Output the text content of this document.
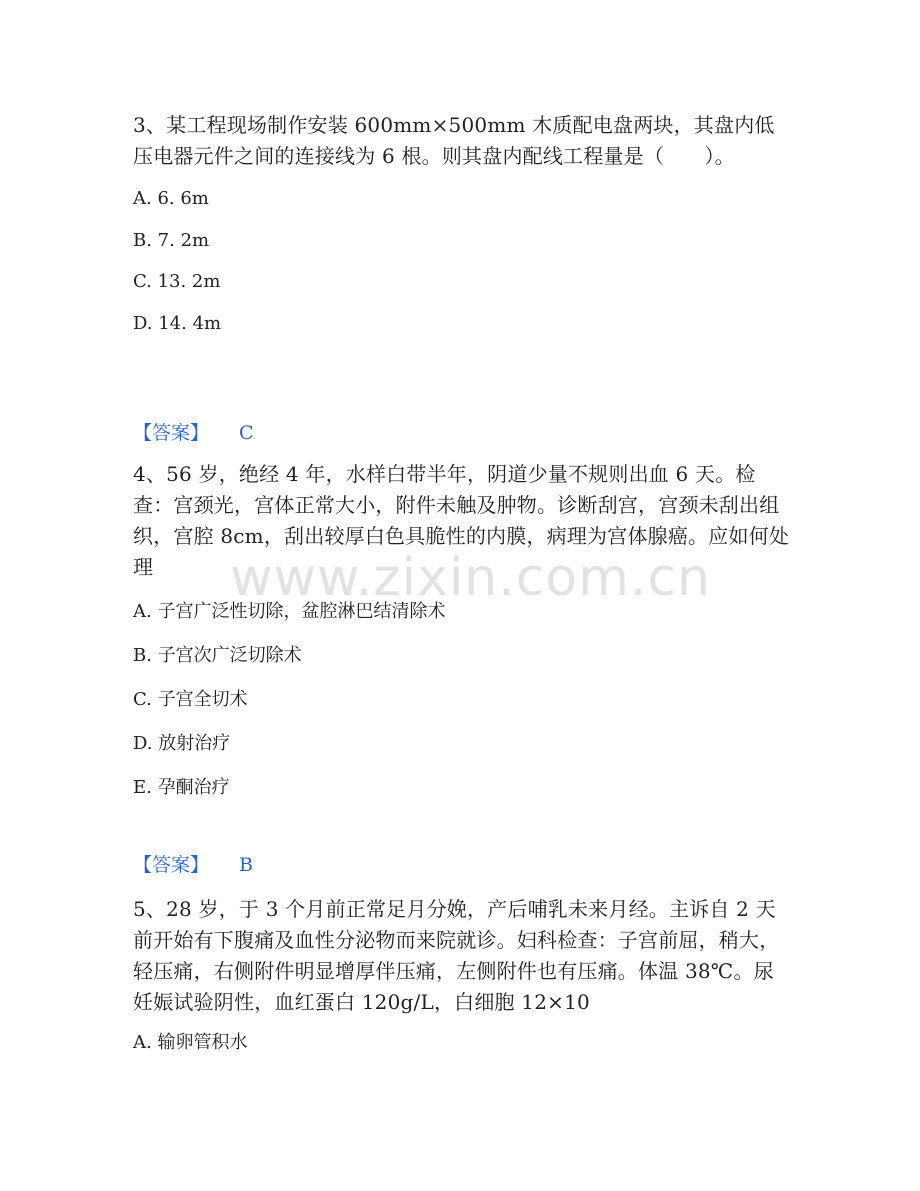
www.zixin.com.cn

3、某工程现场制作安装 600mm×500mm 木质配电盘两块，其盘内低压电器元件之间的连接线为 6 根。则其盘内配线工程量是（　　）。

A. 6. 6m

B. 7. 2m

C. 13. 2m

D. 14. 4m

【答案】 C

4、56 岁，绝经 4 年，水样白带半年，阴道少量不规则出血 6 天。检查：宫颈光，宫体正常大小，附件未触及肿物。诊断刮宫，宫颈未刮出组织，宫腔 8cm，刮出较厚白色具脆性的内膜，病理为宫体腺癌。应如何处理

A. 子宫广泛性切除，盆腔淋巴结清除术

B. 子宫次广泛切除术

C. 子宫全切术

D. 放射治疗

E. 孕酮治疗

【答案】 B

5、28 岁，于 3 个月前正常足月分娩，产后哺乳未来月经。主诉自 2 天前开始有下腹痛及血性分泌物而来院就诊。妇科检查：子宫前屈，稍大，轻压痛，右侧附件明显增厚伴压痛，左侧附件也有压痛。体温 38℃。尿妊娠试验阴性，血红蛋白 120g/L，白细胞 12×10

A. 输卵管积水
